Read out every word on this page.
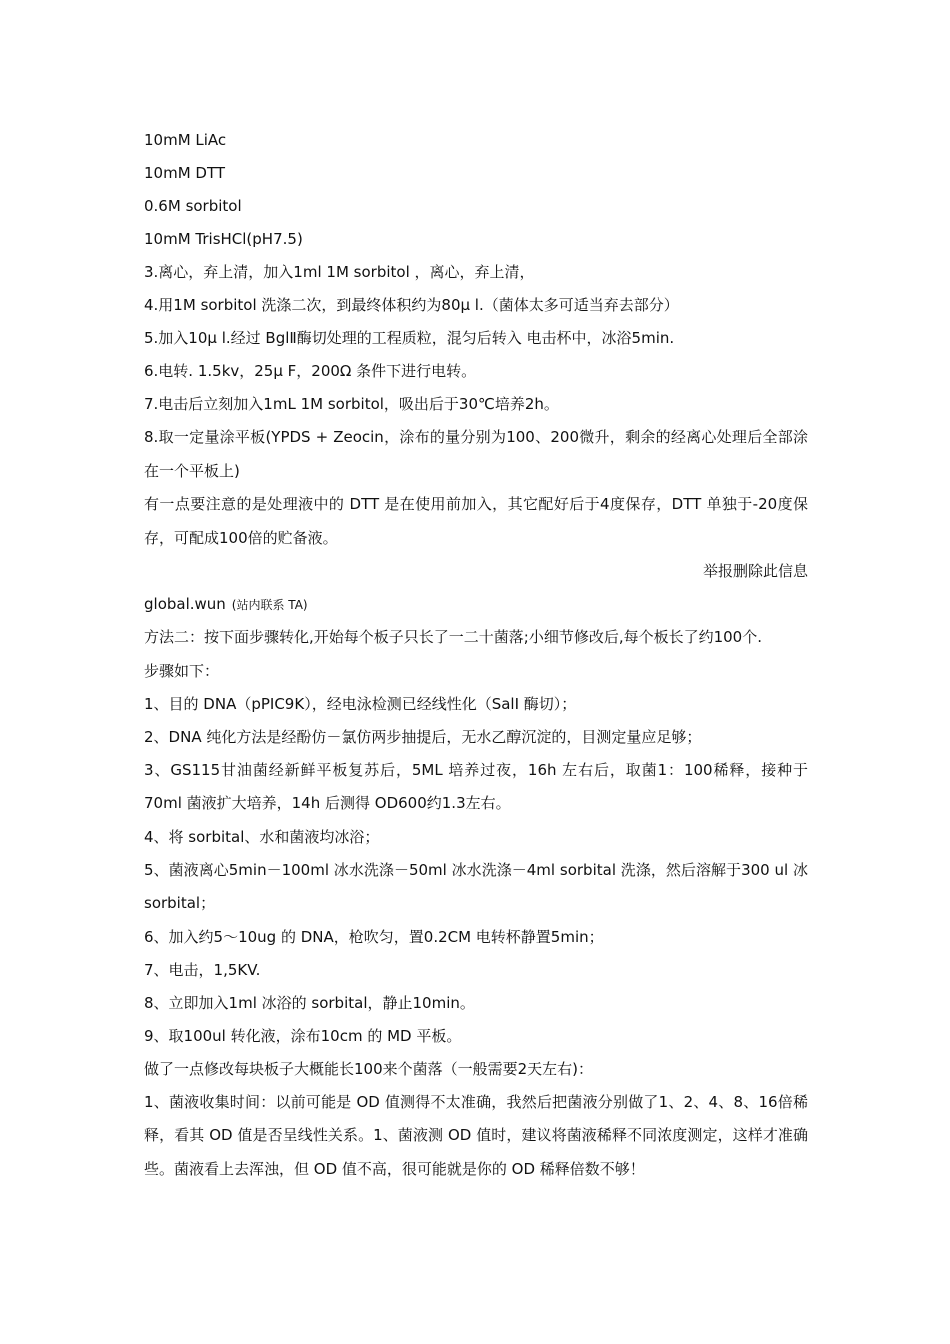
10mM LiAc
10mM DTT
0.6M sorbitol
10mM TrisHCl(pH7.5)
3.离心，弃上清，加入1ml 1M sorbitol ，离心，弃上清，
4.用1M sorbitol 洗涤二次，到最终体积约为80μ l.（菌体太多可适当弃去部分）
5.加入10μ l.经过 BglⅡ酶切处理的工程质粒，混匀后转入 电击杯中，冰浴5min.
6.电转. 1.5kv，25μ F，200Ω 条件下进行电转。
7.电击后立刻加入1mL 1M sorbitol，吸出后于30℃培养2h。
8.取一定量涂平板(YPDS + Zeocin，涂布的量分别为100、200微升，剩余的经离心处理后全部涂在一个平板上)
有一点要注意的是处理液中的 DTT 是在使用前加入，其它配好后于4度保存，DTT 单独于-20度保存，可配成100倍的贮备液。
举报删除此信息
global.wun (站内联系 TA)
方法二：按下面步骤转化,开始每个板子只长了一二十菌落;小细节修改后,每个板长了约100个.
步骤如下：
1、目的 DNA（pPIC9K），经电泳检测已经线性化（SalI 酶切）；
2、DNA 纯化方法是经酚仿－氯仿两步抽提后，无水乙醇沉淀的，目测定量应足够；
3、GS115甘油菌经新鲜平板复苏后，5ML 培养过夜，16h 左右后，取菌1：100稀释，接种于70ml 菌液扩大培养，14h 后测得 OD600约1.3左右。
4、将 sorbital、水和菌液均冰浴；
5、菌液离心5min－100ml 冰水洗涤－50ml 冰水洗涤－4ml sorbital 洗涤，然后溶解于300 ul 冰 sorbital；
6、加入约5～10ug 的 DNA，枪吹匀，置0.2CM 电转杯静置5min；
7、电击，1,5KV.
8、立即加入1ml 冰浴的 sorbital，静止10min。
9、取100ul 转化液，涂布10cm 的 MD 平板。
做了一点修改每块板子大概能长100来个菌落（一般需要2天左右)：
1、菌液收集时间：以前可能是 OD 值测得不太准确，我然后把菌液分别做了1、2、4、8、16倍稀释，看其 OD 值是否呈线性关系。1、菌液测 OD 值时，建议将菌液稀释不同浓度测定，这样才准确些。菌液看上去浑浊，但 OD 值不高，很可能就是你的 OD 稀释倍数不够！
